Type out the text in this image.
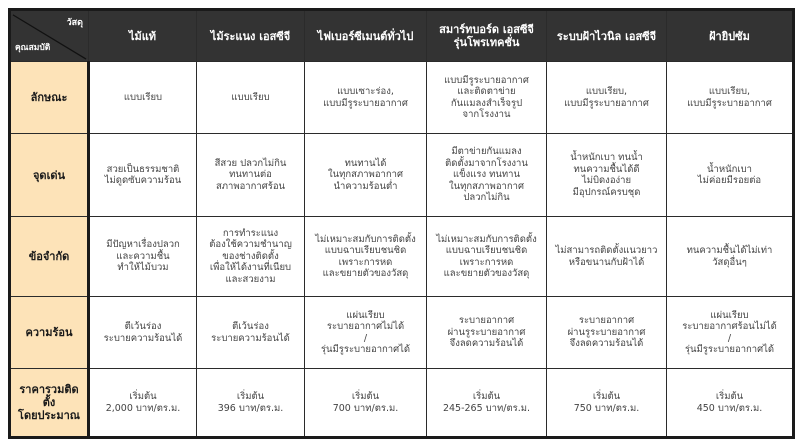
วัสดุ
คุณสมบัติ	ไม้แท้	ไม้ระแนง เอสซีจี	ไฟเบอร์ซีเมนต์ทั่วไป	สมาร์ทบอร์ด เอสซีจี
รุ่นโพรเทคชั่น	ระบบฝ้าไวนิล เอสซีจี	ฝ้ายิปซัม

ลักษณะ	แบบเรียบ	แบบเรียบ	แบบเซาะร่อง,
แบบมีรูระบายอากาศ	แบบมีรูระบายอากาศ
และติดตาข่าย
กันแมลงสำเร็จรูป
จากโรงงาน	แบบเรียบ,
แบบมีรูระบายอากาศ	แบบเรียบ,
แบบมีรูระบายอากาศ

จุดเด่น	สวยเป็นธรรมชาติ
ไม่ดูดซับความร้อน	สีสวย ปลวกไม่กิน
ทนทานต่อ
สภาพอากาศร้อน	ทนทานได้
ในทุกสภาพอากาศ
นำความร้อนต่ำ	มีตาข่ายกันแมลง
ติดตั้งมาจากโรงงาน
แข็งแรง ทนทาน
ในทุกสภาพอากาศ
ปลวกไม่กิน	น้ำหนักเบา ทนน้ำ
ทนความชื้นได้ดี
ไม่บิดงอง่าย
มีอุปกรณ์ครบชุด	น้ำหนักเบา
ไม่ค่อยมีรอยต่อ

ข้อจำกัด	มีปัญหาเรื่องปลวก
และความชื้น
ทำให้ไม้บวม	การทำระแนง
ต้องใช้ความชำนาญ
ของช่างติดตั้ง
เพื่อให้ได้งานที่เนียบ
และสวยงาม	ไม่เหมาะสมกับการติดตั้ง
แบบฉาบเรียบชนชิด
เพราะการหด
และขยายตัวของวัสดุ	ไม่เหมาะสมกับการติดตั้ง
แบบฉาบเรียบชนชิด
เพราะการหด
และขยายตัวของวัสดุ	ไม่สามารถติดตั้งแนวยาว
หรือขนานกับฝ้าได้	ทนความชื้นได้ไม่เท่า
วัสดุอื่นๆ

ความร้อน	ตีเว้นร่อง
ระบายความร้อนได้	ตีเว้นร่อง
ระบายความร้อนได้	แผ่นเรียบ
ระบายอากาศไม่ได้
/
รุ่นมีรูระบายอากาศได้	ระบายอากาศ
ผ่านรูระบายอากาศ
จึงลดความร้อนได้	ระบายอากาศ
ผ่านรูระบายอากาศ
จึงลดความร้อนได้	แผ่นเรียบ
ระบายอากาศร้อนไม่ได้
/
รุ่นมีรูระบายอากาศได้

ราคารวมติดตั้ง
โดยประมาณ	เริ่มต้น
2,000 บาท/ตร.ม.	เริ่มต้น
396 บาท/ตร.ม.	เริ่มต้น
700 บาท/ตร.ม.	เริ่มต้น
245-265 บาท/ตร.ม.	เริ่มต้น
750 บาท/ตร.ม.	เริ่มต้น
450 บาท/ตร.ม.
